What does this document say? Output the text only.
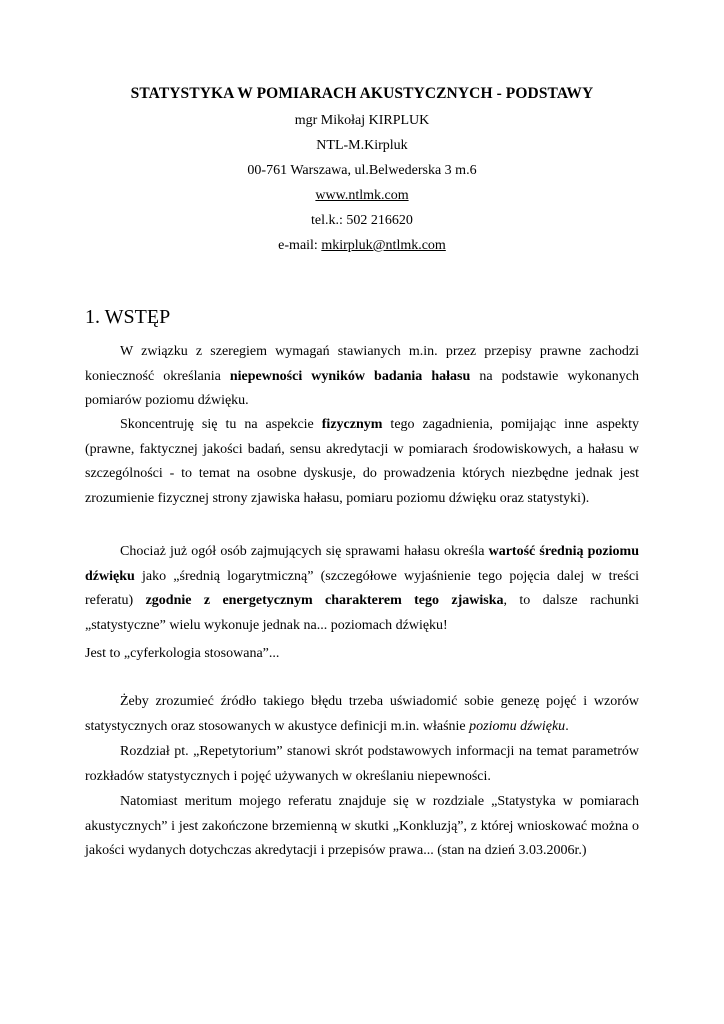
STATYSTYKA W POMIARACH AKUSTYCZNYCH - PODSTAWY
mgr Mikołaj KIRPLUK
NTL-M.Kirpluk
00-761 Warszawa, ul.Belwederska 3 m.6
www.ntlmk.com
tel.k.: 502 216620
e-mail: mkirpluk@ntlmk.com
1. WSTĘP

W związku z szeregiem wymagań stawianych m.in. przez przepisy prawne zachodzi konieczność określania niepewności wyników badania hałasu na podstawie wykonanych pomiarów poziomu dźwięku.

Skoncentruję się tu na aspekcie fizycznym tego zagadnienia, pomijając inne aspekty (prawne, faktycznej jakości badań, sensu akredytacji w pomiarach środowiskowych, a hałasu w szczególności - to temat na osobne dyskusje, do prowadzenia których niezbędne jednak jest zrozumienie fizycznej strony zjawiska hałasu, pomiaru poziomu dźwięku oraz statystyki).

Chociaż już ogół osób zajmujących się sprawami hałasu określa wartość średnią poziomu dźwięku jako „średnią logarytmiczną” (szczegółowe wyjaśnienie tego pojęcia dalej w treści referatu) zgodnie z energetycznym charakterem tego zjawiska, to dalsze rachunki „statystyczne” wielu wykonuje jednak na... poziomach dźwięku!

Jest to „cyferkologia stosowana”...

Żeby zrozumieć źródło takiego błędu trzeba uświadomić sobie genezę pojęć i wzorów statystycznych oraz stosowanych w akustyce definicji m.in. właśnie poziomu dźwięku.

Rozdział pt. „Repetytorium” stanowi skrót podstawowych informacji na temat parametrów rozkładów statystycznych i pojęć używanych w określaniu niepewności.

Natomiast meritum mojego referatu znajduje się w rozdziale „Statystyka w pomiarach akustycznych” i jest zakończone brzemienną w skutki „Konkluzją”, z której wnioskować można o jakości wydanych dotychczas akredytacji i przepisów prawa... (stan na dzień 3.03.2006r.)
